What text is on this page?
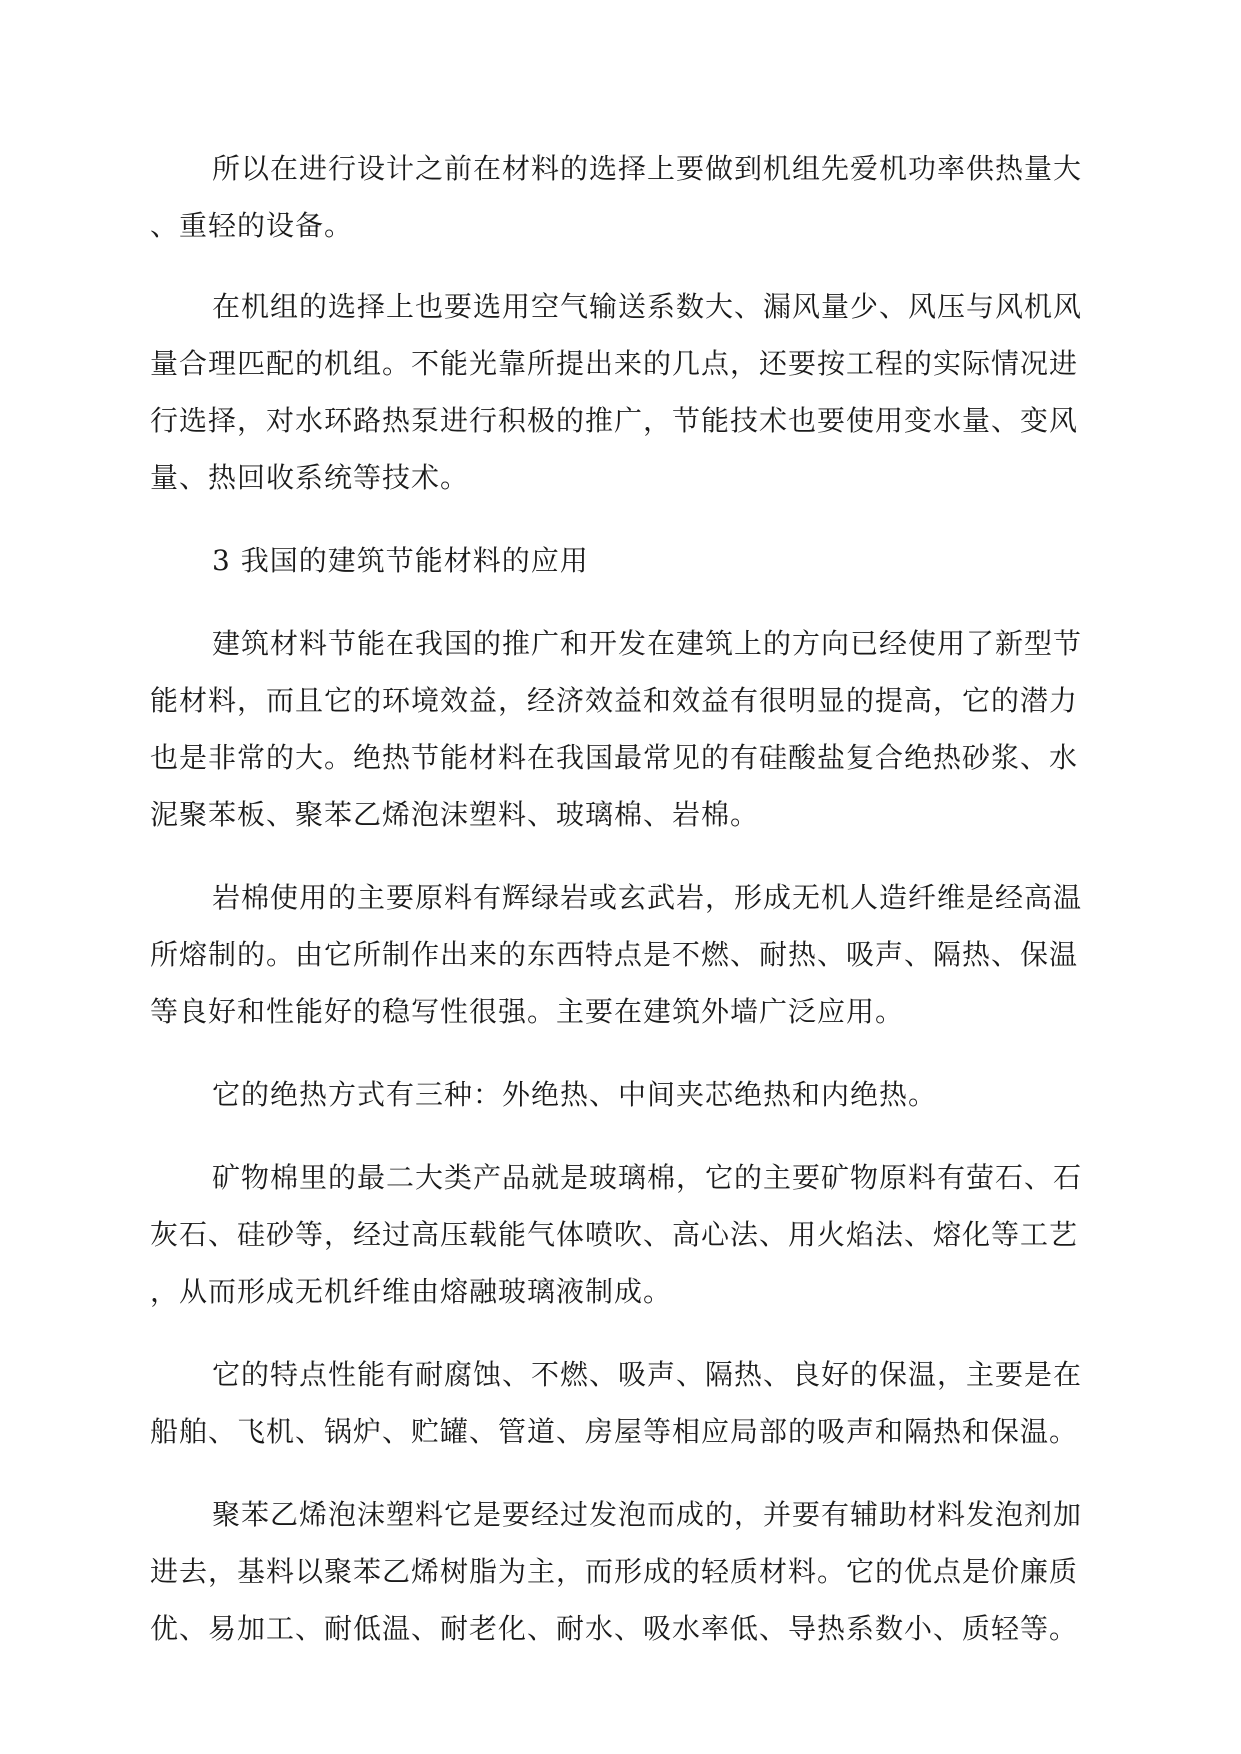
所以在进行设计之前在材料的选择上要做到机组先爱机功率供热量大
、重轻的设备。

在机组的选择上也要选用空气输送系数大、漏风量少、风压与风机风
量合理匹配的机组。不能光靠所提出来的几点，还要按工程的实际情况进
行选择，对水环路热泵进行积极的推广，节能技术也要使用变水量、变风
量、热回收系统等技术。

3 我国的建筑节能材料的应用

建筑材料节能在我国的推广和开发在建筑上的方向已经使用了新型节
能材料，而且它的环境效益，经济效益和效益有很明显的提高，它的潜力
也是非常的大。绝热节能材料在我国最常见的有硅酸盐复合绝热砂浆、水
泥聚苯板、聚苯乙烯泡沫塑料、玻璃棉、岩棉。

岩棉使用的主要原料有辉绿岩或玄武岩，形成无机人造纤维是经高温
所熔制的。由它所制作出来的东西特点是不燃、耐热、吸声、隔热、保温
等良好和性能好的稳写性很强。主要在建筑外墙广泛应用。

它的绝热方式有三种：外绝热、中间夹芯绝热和内绝热。

矿物棉里的最二大类产品就是玻璃棉，它的主要矿物原料有萤石、石
灰石、硅砂等，经过高压载能气体喷吹、高心法、用火焰法、熔化等工艺
，从而形成无机纤维由熔融玻璃液制成。

它的特点性能有耐腐蚀、不燃、吸声、隔热、良好的保温，主要是在
船舶、飞机、锅炉、贮罐、管道、房屋等相应局部的吸声和隔热和保温。

聚苯乙烯泡沫塑料它是要经过发泡而成的，并要有辅助材料发泡剂加
进去，基料以聚苯乙烯树脂为主，而形成的轻质材料。它的优点是价廉质
优、易加工、耐低温、耐老化、耐水、吸水率低、导热系数小、质轻等。
